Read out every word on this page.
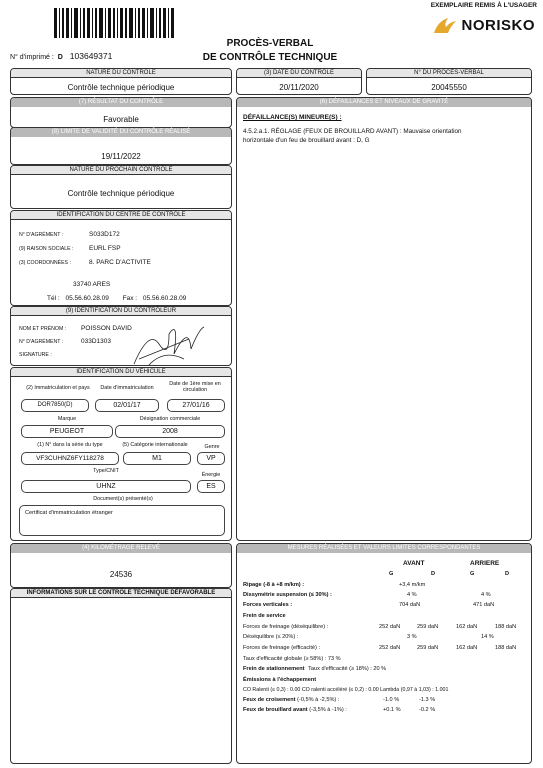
EXEMPLAIRE REMIS À L'USAGER
NORISKO
PROCÈS-VERBAL
DE CONTRÔLE TECHNIQUE
N° d'imprimé : D 103649371
NATURE DU CONTRÔLE
Contrôle technique périodique
(3) DATE DU CONTRÔLE
20/11/2020
N° DU PROCÈS-VERBAL
20045550
(7) RÉSULTAT DU CONTRÔLE
Favorable
(8) LIMITE DE VALIDITÉ DU CONTRÔLE RÉALISÉ
19/11/2022
NATURE DU PROCHAIN CONTRÔLE
Contrôle technique périodique
IDENTIFICATION DU CENTRE DE CONTRÔLE
N° D'AGRÉMENT :	S033D172
(9) RAISON SOCIALE : EURL FSP
(3) COORDONNÉES :	8. PARC D'ACTIVITE
33740 ARES
Tél : 05.56.60.28.09 Fax : 05.56.60.28.09
(9) IDENTIFICATION DU CONTRÔLEUR
NOM ET PRÉNOM : POISSON DAVID
N° D'AGRÉMENT :	033D1303
SIGNATURE :
IDENTIFICATION DU VÉHICULE
(2) Immatriculation et pays	Date d'immatriculation
Date de 1ère mise en circulation
DOR7850(D)	02/01/17	27/01/16
Marque	Désignation commerciale
PEUGEOT	2008
(1) N° dans la série du type	(5) Catégorie internationale	Genre
VF3CUHNZ6FY118278	M1	VP
Type/CNIT
Énergie
UHNZ	ES
Document(s) présenté(s)
Certificat d'immatriculation étranger
(4) KILOMÉTRAGE RELEVÉ
24536
INFORMATIONS SUR LE CONTRÔLE TECHNIQUE DÉFAVORABLE
(6) DÉFAILLANCES ET NIVEAUX DE GRAVITÉ
DÉFAILLANCE(S) MINEURE(S) :
4.5.2.a.1. RÉGLAGE (FEUX DE BROUILLARD AVANT) : Mauvaise orientation
horizontale d'un feu de brouillard avant : D, G
MESURES RÉALISÉES ET VALEURS LIMITES CORRESPONDANTES
AVANT	ARRIERE
G	D	G	D
Ripage (-8 à +8 m/km) :	+3,4 m/km
Dissymétrie suspension (≤ 30%) :	4 %	4 %
Forces verticales :	704 daN	471 daN
Frein de service
Forces de freinage (déséquilibre) :	252 daN	259 daN	162 daN	188 daN
Déséquilibre (≤ 20%) :	3 %	14 %
Forces de freinage (efficacité) :	252 daN	259 daN	162 daN	188 daN
Taux d'efficacité globale (≥ 58%) : 73 %
Frein de stationnement Taux d'efficacité (≥ 18%) : 20 %
Émissions à l'échappement
CO Ralenti (≤ 0,3) : 0.00 CO ralenti accéléré (≤ 0,2) : 0.00 Lambda (0,97 à 1,03) : 1.001
Feux de croisement (-0,5% à -2,5%) :	-1.0 %	-1.3 %
Feux de brouillard avant (-3,5% à -1%) :	+0.1 %	-0.2 %
